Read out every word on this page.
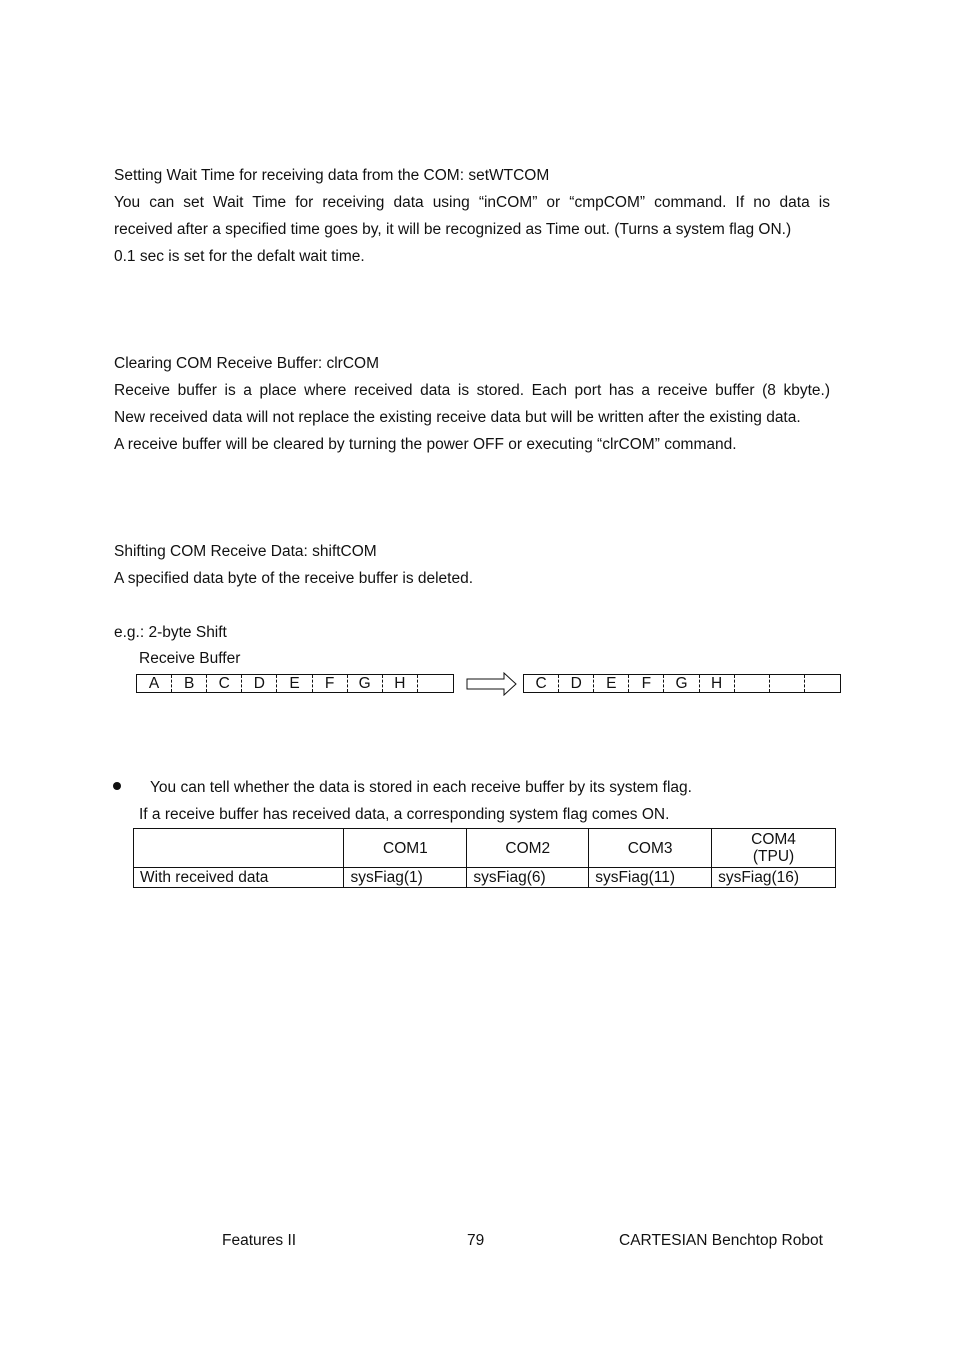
Setting Wait Time for receiving data from the COM: setWTCOM
You can set Wait Time for receiving data using “inCOM” or “cmpCOM” command. If no data is
received after a specified time goes by, it will be recognized as Time out. (Turns a system flag ON.)
0.1 sec is set for the defalt wait time.
Clearing COM Receive Buffer: clrCOM
Receive buffer is a place where received data is stored. Each port has a receive buffer (8 kbyte.)
New received data will not replace the existing receive data but will be written after the existing data.
A receive buffer will be cleared by turning the power OFF or executing “clrCOM” command.
Shifting COM Receive Data: shiftCOM
A specified data byte of the receive buffer is deleted.
e.g.: 2-byte Shift
Receive Buffer
A	B	C	D	E	F	G	H	C	D	E	F	G	H
You can tell whether the data is stored in each receive buffer by its system flag.
If a receive buffer has received data, a corresponding system flag comes ON.
	COM1	COM2	COM3	COM4
(TPU)
With received data	sysFiag(1)	sysFiag(6)	sysFiag(11)	sysFiag(16)
Features II	79	CARTESIAN Benchtop Robot
